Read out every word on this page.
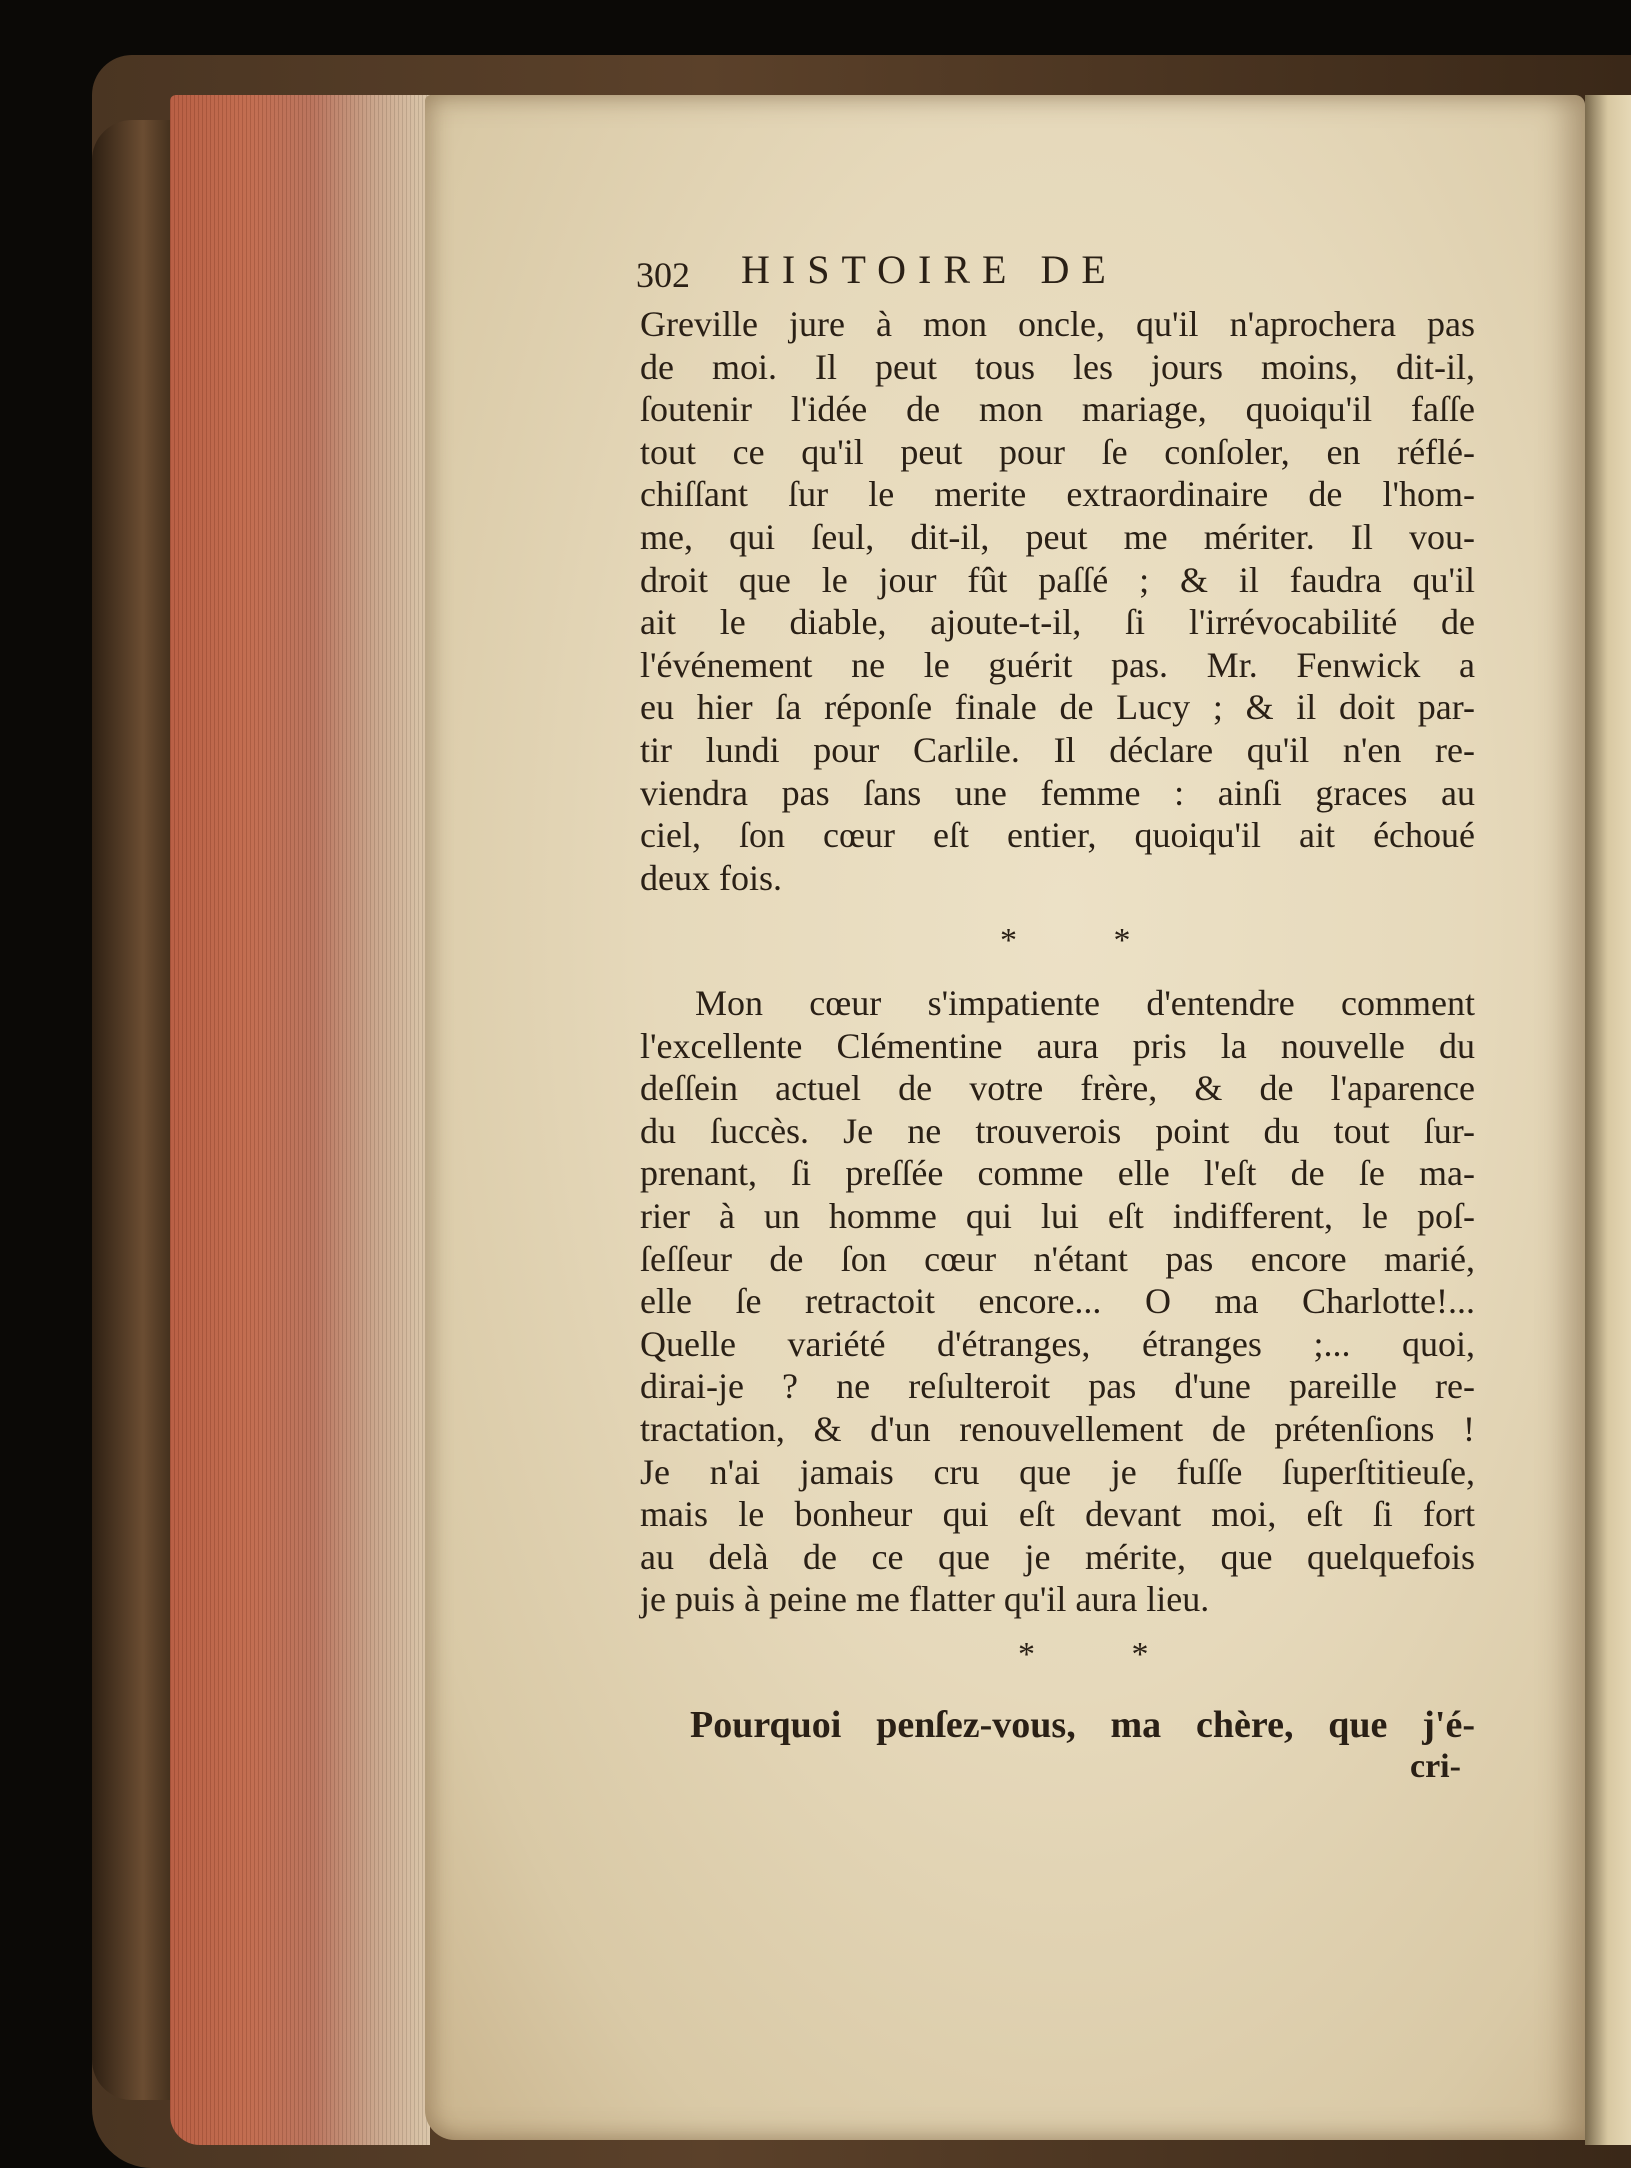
302 HISTOIRE DE
Greville jure à mon oncle, qu'il n'aprochera pas
de moi. Il peut tous les jours moins, dit-il,
ſoutenir l'idée de mon mariage, quoiqu'il faſſe
tout ce qu'il peut pour ſe conſoler, en réflé-
chiſſant ſur le merite extraordinaire de l'hom-
me, qui ſeul, dit-il, peut me mériter. Il vou-
droit que le jour fût paſſé ; & il faudra qu'il
ait le diable, ajoute-t-il, ſi l'irrévocabilité de
l'événement ne le guérit pas. Mr. Fenwick a
eu hier ſa réponſe finale de Lucy ; & il doit par-
tir lundi pour Carlile. Il déclare qu'il n'en re-
viendra pas ſans une femme : ainſi graces au
ciel, ſon cœur eſt entier, quoiqu'il ait échoué
deux fois.
* *
Mon cœur s'impatiente d'entendre comment
l'excellente Clémentine aura pris la nouvelle du
deſſein actuel de votre frère, & de l'aparence
du ſuccès. Je ne trouverois point du tout ſur-
prenant, ſi preſſée comme elle l'eſt de ſe ma-
rier à un homme qui lui eſt indifferent, le poſ-
ſeſſeur de ſon cœur n'étant pas encore marié,
elle ſe retractoit encore... O ma Charlotte!...
Quelle variété d'étranges, étranges ;... quoi,
dirai-je ? ne reſulteroit pas d'une pareille re-
tractation, & d'un renouvellement de prétenſions !
Je n'ai jamais cru que je fuſſe ſuperſtitieuſe,
mais le bonheur qui eſt devant moi, eſt ſi fort
au delà de ce que je mérite, que quelquefois
je puis à peine me flatter qu'il aura lieu.
* *
Pourquoi penſez-vous, ma chère, que j'é-
cri-
